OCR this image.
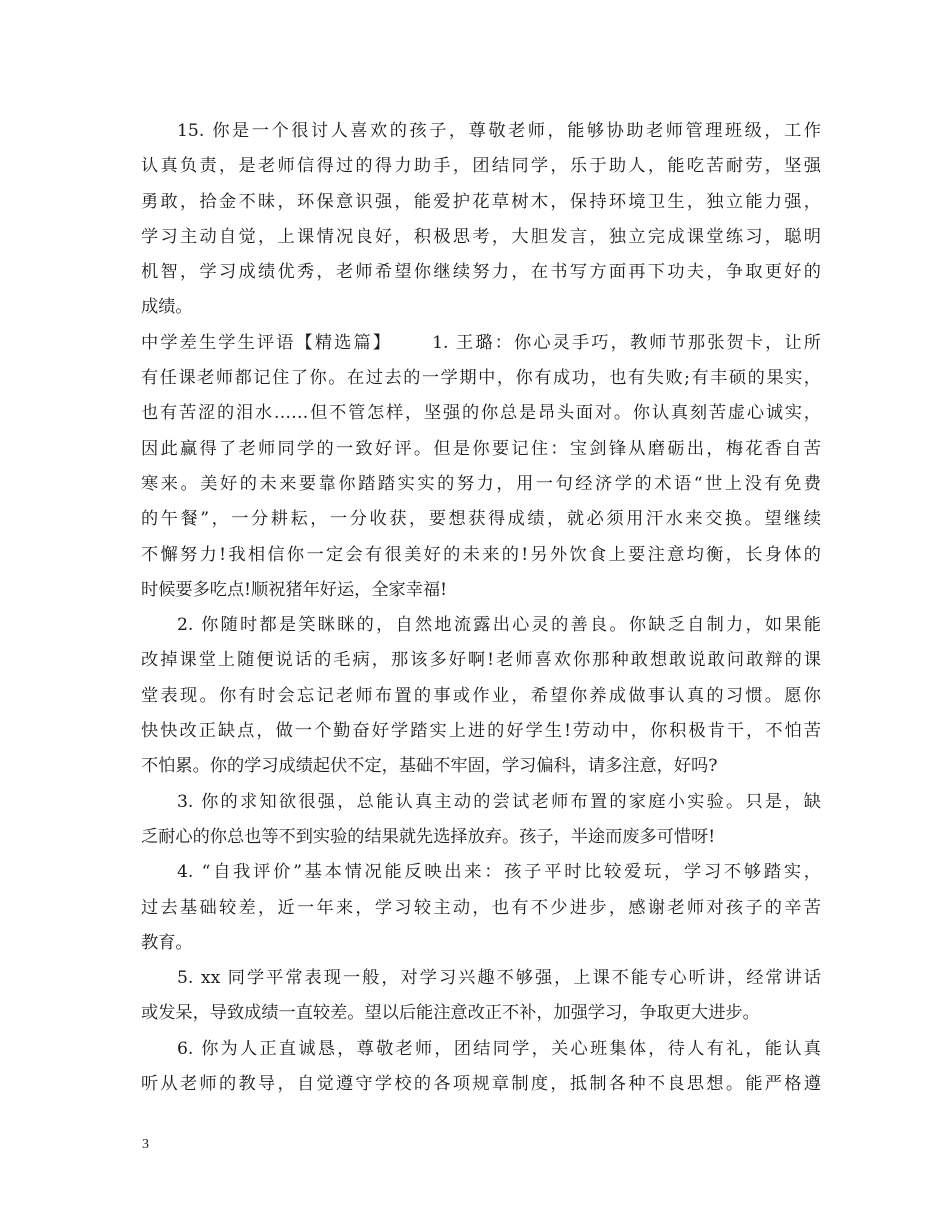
15. 你是一个很讨人喜欢的孩子，尊敬老师，能够协助老师管理班级，工作
认真负责，是老师信得过的得力助手，团结同学，乐于助人，能吃苦耐劳，坚强
勇敢，拾金不昧，环保意识强，能爱护花草树木，保持环境卫生，独立能力强，
学习主动自觉，上课情况良好，积极思考，大胆发言，独立完成课堂练习，聪明
机智，学习成绩优秀，老师希望你继续努力，在书写方面再下功夫，争取更好的
成绩。
中学差生学生评语【精选篇】 1. 王璐：你心灵手巧，教师节那张贺卡，让所
有任课老师都记住了你。在过去的一学期中，你有成功，也有失败;有丰硕的果实，
也有苦涩的泪水……但不管怎样，坚强的你总是昂头面对。你认真刻苦虚心诚实，
因此赢得了老师同学的一致好评。但是你要记住：宝剑锋从磨砺出，梅花香自苦
寒来。美好的未来要靠你踏踏实实的努力，用一句经济学的术语“世上没有免费
的午餐”，一分耕耘，一分收获，要想获得成绩，就必须用汗水来交换。望继续
不懈努力!我相信你一定会有很美好的未来的!另外饮食上要注意均衡，长身体的
时候要多吃点!顺祝猪年好运，全家幸福!
2. 你随时都是笑眯眯的，自然地流露出心灵的善良。你缺乏自制力，如果能
改掉课堂上随便说话的毛病，那该多好啊!老师喜欢你那种敢想敢说敢问敢辩的课
堂表现。你有时会忘记老师布置的事或作业，希望你养成做事认真的习惯。愿你
快快改正缺点，做一个勤奋好学踏实上进的好学生!劳动中，你积极肯干，不怕苦
不怕累。你的学习成绩起伏不定，基础不牢固，学习偏科，请多注意，好吗?
3. 你的求知欲很强，总能认真主动的尝试老师布置的家庭小实验。只是，缺
乏耐心的你总也等不到实验的结果就先选择放弃。孩子，半途而废多可惜呀!
4. “自我评价”基本情况能反映出来：孩子平时比较爱玩，学习不够踏实，
过去基础较差，近一年来，学习较主动，也有不少进步，感谢老师对孩子的辛苦
教育。
5. xx 同学平常表现一般，对学习兴趣不够强，上课不能专心听讲，经常讲话
或发呆，导致成绩一直较差。望以后能注意改正不补，加强学习，争取更大进步。
6. 你为人正直诚恳，尊敬老师，团结同学，关心班集体，待人有礼，能认真
听从老师的教导，自觉遵守学校的各项规章制度，抵制各种不良思想。能严格遵
3
